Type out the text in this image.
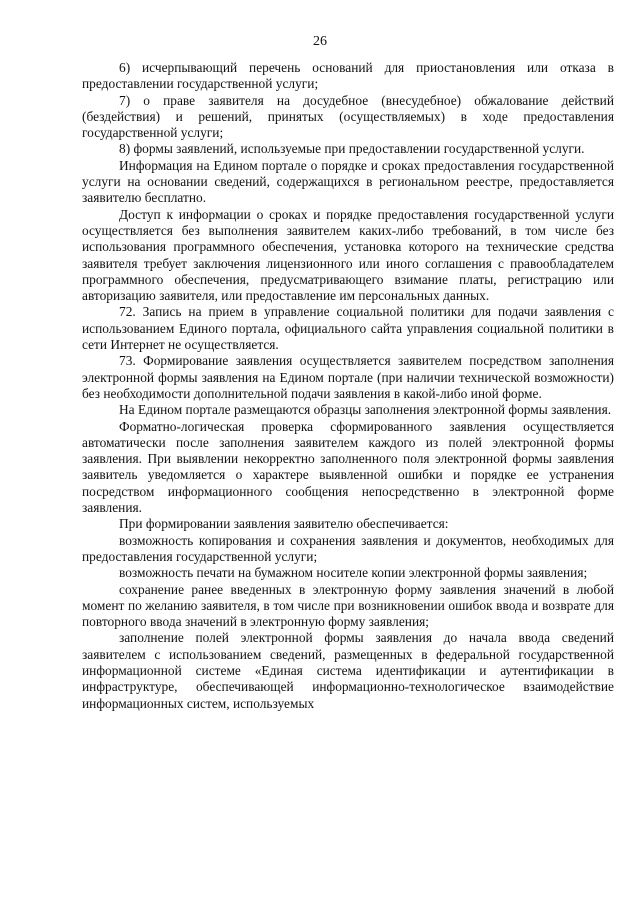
26

6) исчерпывающий перечень оснований для приостановления или отказа в предоставлении государственной услуги;

7) о праве заявителя на досудебное (внесудебное) обжалование действий (бездействия) и решений, принятых (осуществляемых) в ходе предоставления государственной услуги;

8) формы заявлений, используемые при предоставлении государственной услуги.

Информация на Едином портале о порядке и сроках предоставления государственной услуги на основании сведений, содержащихся в региональном реестре, предоставляется заявителю бесплатно.

Доступ к информации о сроках и порядке предоставления государственной услуги осуществляется без выполнения заявителем каких-либо требований, в том числе без использования программного обеспечения, установка которого на технические средства заявителя требует заключения лицензионного или иного соглашения с правообладателем программного обеспечения, предусматривающего взимание платы, регистрацию или авторизацию заявителя, или предоставление им персональных данных.

72. Запись на прием в управление социальной политики для подачи заявления с использованием Единого портала, официального сайта управления социальной политики в сети Интернет не осуществляется.

73. Формирование заявления осуществляется заявителем посредством заполнения электронной формы заявления на Едином портале (при наличии технической возможности) без необходимости дополнительной подачи заявления в какой-либо иной форме.

На Едином портале размещаются образцы заполнения электронной формы заявления.

Форматно-логическая проверка сформированного заявления осуществляется автоматически после заполнения заявителем каждого из полей электронной формы заявления. При выявлении некорректно заполненного поля электронной формы заявления заявитель уведомляется о характере выявленной ошибки и порядке ее устранения посредством информационного сообщения непосредственно в электронной форме заявления.

При формировании заявления заявителю обеспечивается:

возможность копирования и сохранения заявления и документов, необходимых для предоставления государственной услуги;

возможность печати на бумажном носителе копии электронной формы заявления;

сохранение ранее введенных в электронную форму заявления значений в любой момент по желанию заявителя, в том числе при возникновении ошибок ввода и возврате для повторного ввода значений в электронную форму заявления;

заполнение полей электронной формы заявления до начала ввода сведений заявителем с использованием сведений, размещенных в федеральной государственной информационной системе «Единая система идентификации и аутентификации в инфраструктуре, обеспечивающей информационно-технологическое взаимодействие информационных систем, используемых
